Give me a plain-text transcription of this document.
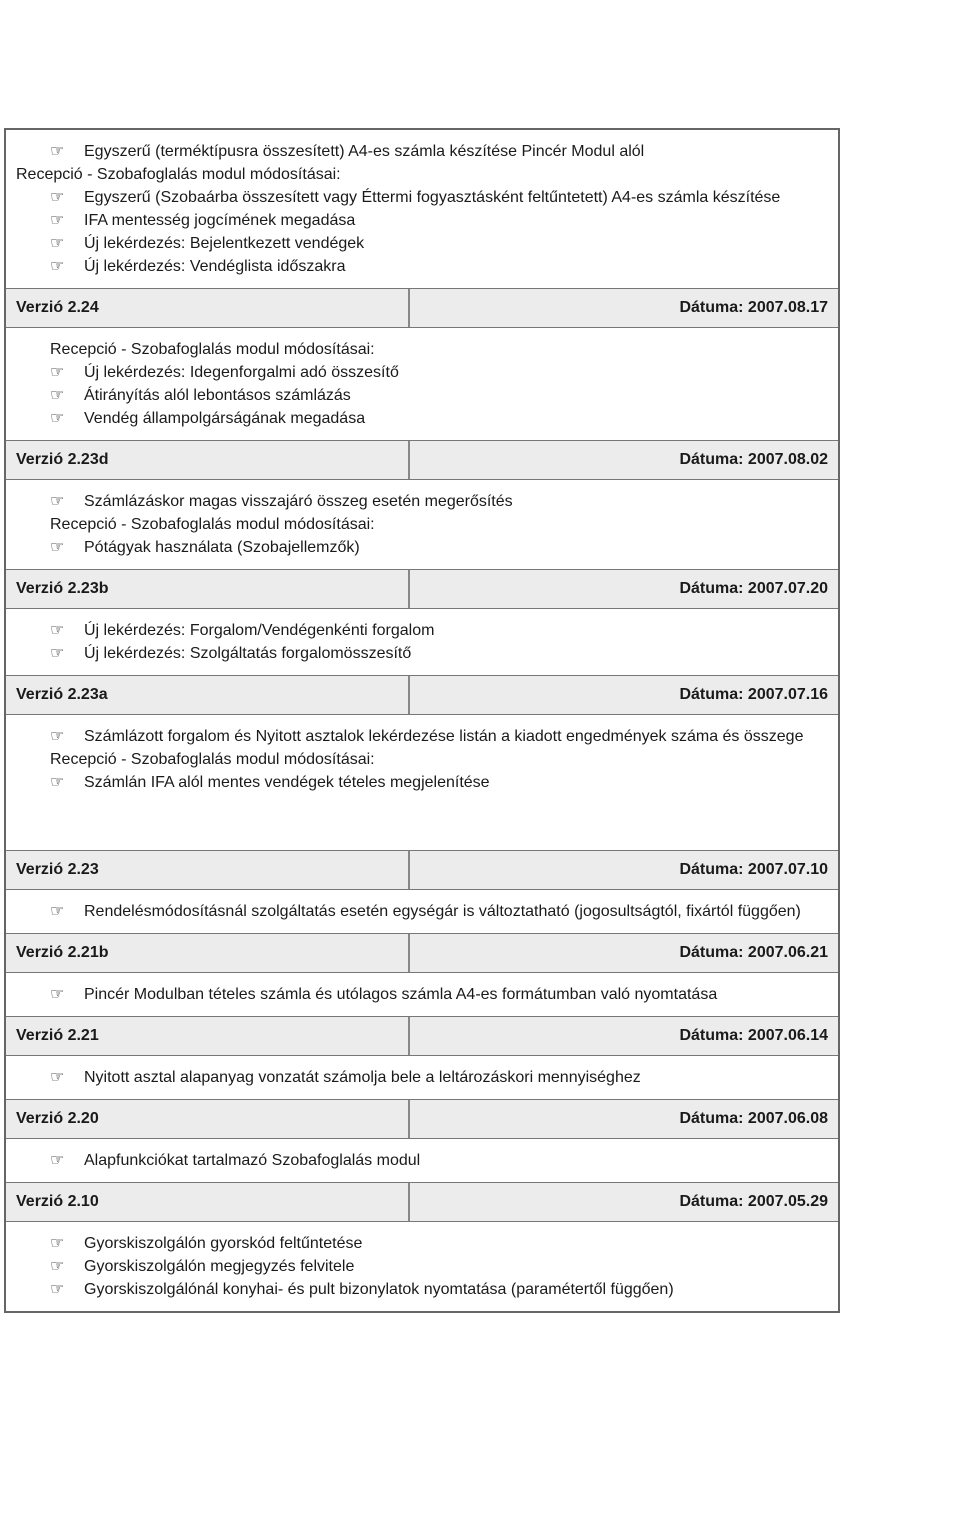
☞	Egyszerű (terméktípusra összesített) A4-es számla készítése Pincér Modul alól
Recepció - Szobafoglalás modul módosításai:
☞	Egyszerű (Szobaárba összesített vagy Éttermi fogyasztásként feltűntetett) A4-es számla készítése
☞	IFA mentesség jogcímének megadása
☞	Új lekérdezés: Bejelentkezett vendégek
☞	Új lekérdezés: Vendéglista időszakra
Verzió 2.24	Dátuma: 2007.08.17
Recepció - Szobafoglalás modul módosításai:
☞	Új lekérdezés: Idegenforgalmi adó összesítő
☞	Átirányítás alól lebontásos számlázás
☞	Vendég állampolgárságának megadása
Verzió 2.23d	Dátuma: 2007.08.02
☞	Számlázáskor magas visszajáró összeg esetén megerősítés
Recepció - Szobafoglalás modul módosításai:
☞	Pótágyak használata (Szobajellemzők)
Verzió 2.23b	Dátuma: 2007.07.20
☞	Új lekérdezés: Forgalom/Vendégenkénti forgalom
☞	Új lekérdezés: Szolgáltatás forgalomösszesítő
Verzió 2.23a	Dátuma: 2007.07.16
☞	Számlázott forgalom és Nyitott asztalok lekérdezése listán a kiadott engedmények száma és összege
Recepció - Szobafoglalás modul módosításai:
☞	Számlán IFA alól mentes vendégek tételes megjelenítése
Verzió 2.23	Dátuma: 2007.07.10
☞	Rendelésmódosításnál szolgáltatás esetén egységár is változtatható (jogosultságtól, fixártól függően)
Verzió 2.21b	Dátuma: 2007.06.21
☞	Pincér Modulban tételes számla és utólagos számla A4-es formátumban való nyomtatása
Verzió 2.21	Dátuma: 2007.06.14
☞	Nyitott asztal alapanyag vonzatát számolja bele a leltározáskori mennyiséghez
Verzió 2.20	Dátuma: 2007.06.08
☞	Alapfunkciókat tartalmazó Szobafoglalás modul
Verzió 2.10	Dátuma: 2007.05.29
☞	Gyorskiszolgálón gyorskód feltűntetése
☞	Gyorskiszolgálón megjegyzés felvitele
☞	Gyorskiszolgálónál konyhai- és pult bizonylatok nyomtatása (paramétertől függően)
